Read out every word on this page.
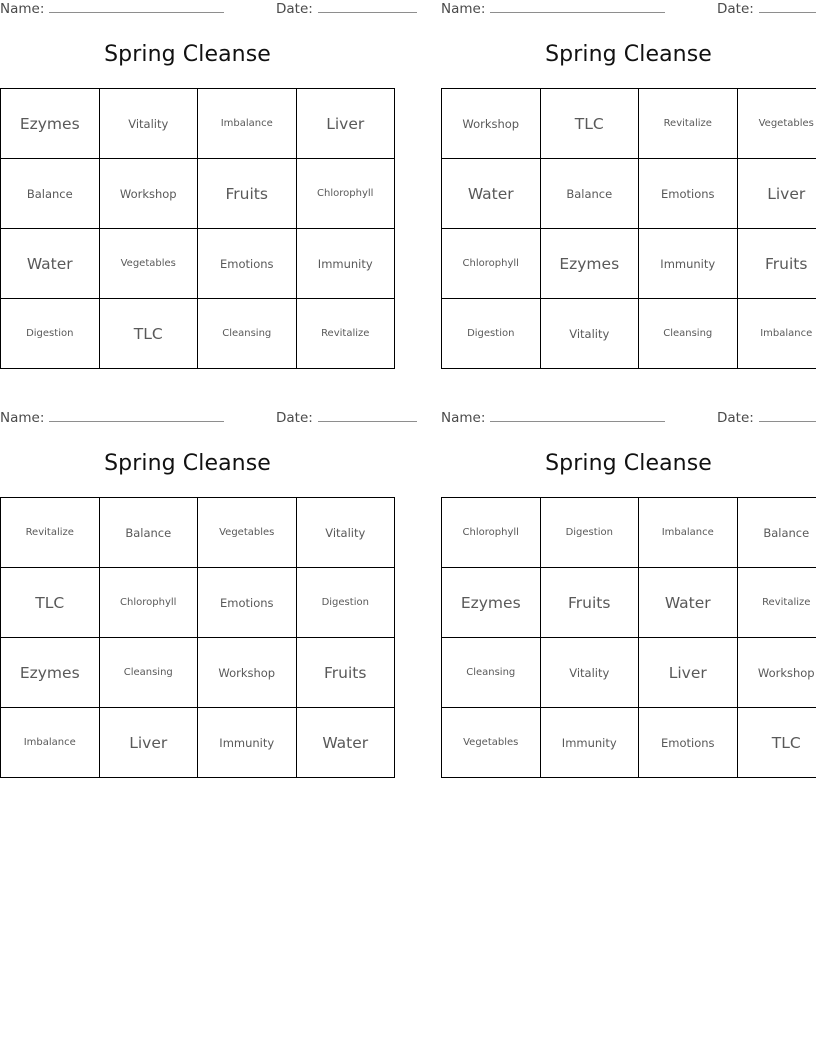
Name:	Date:
Spring Cleanse
Ezymes	Vitality	Imbalance	Liver
Balance	Workshop	Fruits	Chlorophyll
Water	Vegetables	Emotions	Immunity
Digestion	TLC	Cleansing	Revitalize
Name:	Date:
Spring Cleanse
Workshop	TLC	Revitalize	Vegetables
Water	Balance	Emotions	Liver
Chlorophyll	Ezymes	Immunity	Fruits
Digestion	Vitality	Cleansing	Imbalance
Name:	Date:
Spring Cleanse
Revitalize	Balance	Vegetables	Vitality
TLC	Chlorophyll	Emotions	Digestion
Ezymes	Cleansing	Workshop	Fruits
Imbalance	Liver	Immunity	Water
Name:	Date:
Spring Cleanse
Chlorophyll	Digestion	Imbalance	Balance
Ezymes	Fruits	Water	Revitalize
Cleansing	Vitality	Liver	Workshop
Vegetables	Immunity	Emotions	TLC
